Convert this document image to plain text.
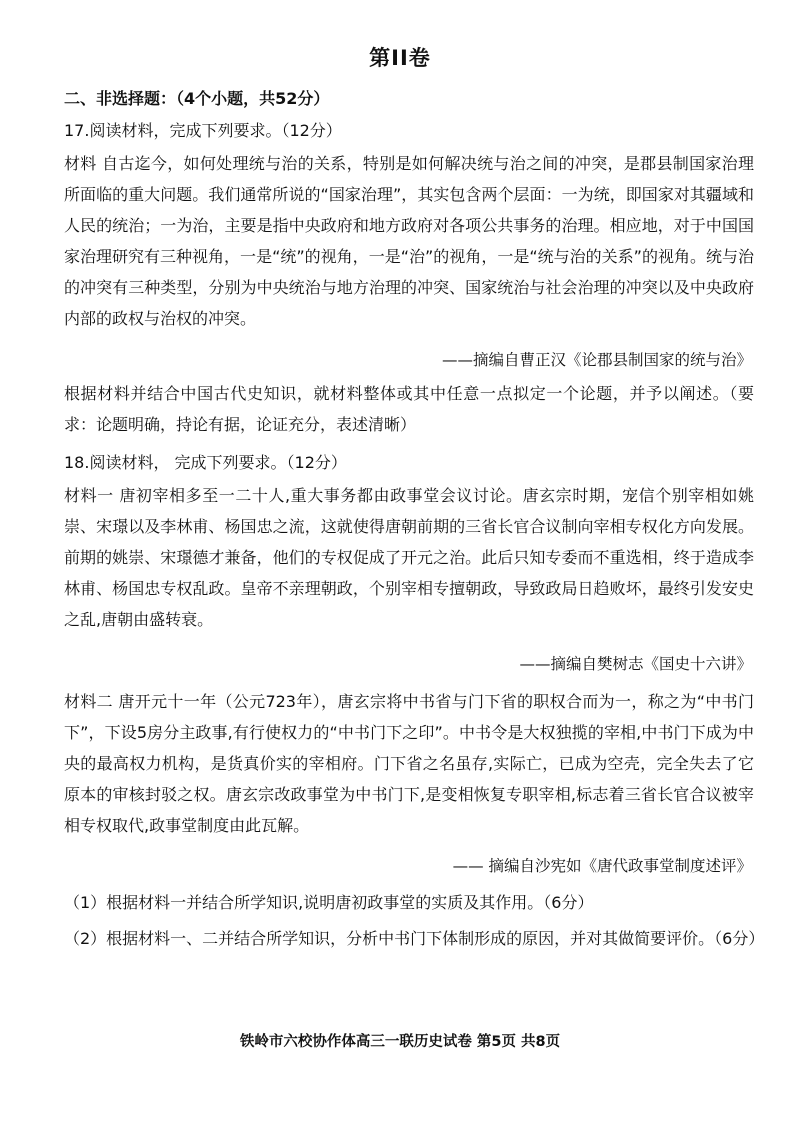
第II卷
二、非选择题：（4个小题，共52分）
17.阅读材料，完成下列要求。（12分）
材料 自古迄今，如何处理统与治的关系，特别是如何解决统与治之间的冲突，是郡县制国家治理所面临的重大问题。我们通常所说的“国家治理”，其实包含两个层面：一为统，即国家对其疆域和人民的统治；一为治，主要是指中央政府和地方政府对各项公共事务的治理。相应地，对于中国国家治理研究有三种视角，一是“统”的视角，一是“治”的视角，一是“统与治的关系”的视角。统与治的冲突有三种类型，分别为中央统治与地方治理的冲突、国家统治与社会治理的冲突以及中央政府内部的政权与治权的冲突。
——摘编自曹正汉《论郡县制国家的统与治》
根据材料并结合中国古代史知识，就材料整体或其中任意一点拟定一个论题，并予以阐述。（要求：论题明确，持论有据，论证充分，表述清晰）
18.阅读材料， 完成下列要求。（12分）
材料一 唐初宰相多至一二十人,重大事务都由政事堂会议讨论。唐玄宗时期，宠信个别宰相如姚崇、宋璟以及李林甫、杨国忠之流，这就使得唐朝前期的三省长官合议制向宰相专权化方向发展。前期的姚崇、宋璟德才兼备，他们的专权促成了开元之治。此后只知专委而不重选相，终于造成李林甫、杨国忠专权乱政。皇帝不亲理朝政，个别宰相专擅朝政，导致政局日趋败坏，最终引发安史之乱,唐朝由盛转衰。
——摘编自樊树志《国史十六讲》
材料二 唐开元十一年（公元723年），唐玄宗将中书省与门下省的职权合而为一，称之为“中书门下”，下设5房分主政事,有行使权力的“中书门下之印”。中书令是大权独揽的宰相,中书门下成为中央的最高权力机构，是货真价实的宰相府。门下省之名虽存,实际亡，已成为空壳，完全失去了它原本的审核封驳之权。唐玄宗改政事堂为中书门下,是变相恢复专职宰相,标志着三省长官合议被宰相专权取代,政事堂制度由此瓦解。
—— 摘编自沙宪如《唐代政事堂制度述评》
（1）根据材料一并结合所学知识,说明唐初政事堂的实质及其作用。（6分）
（2）根据材料一、二并结合所学知识，分析中书门下体制形成的原因，并对其做简要评价。（6分）
铁岭市六校协作体高三一联历史试卷 第5页 共8页
